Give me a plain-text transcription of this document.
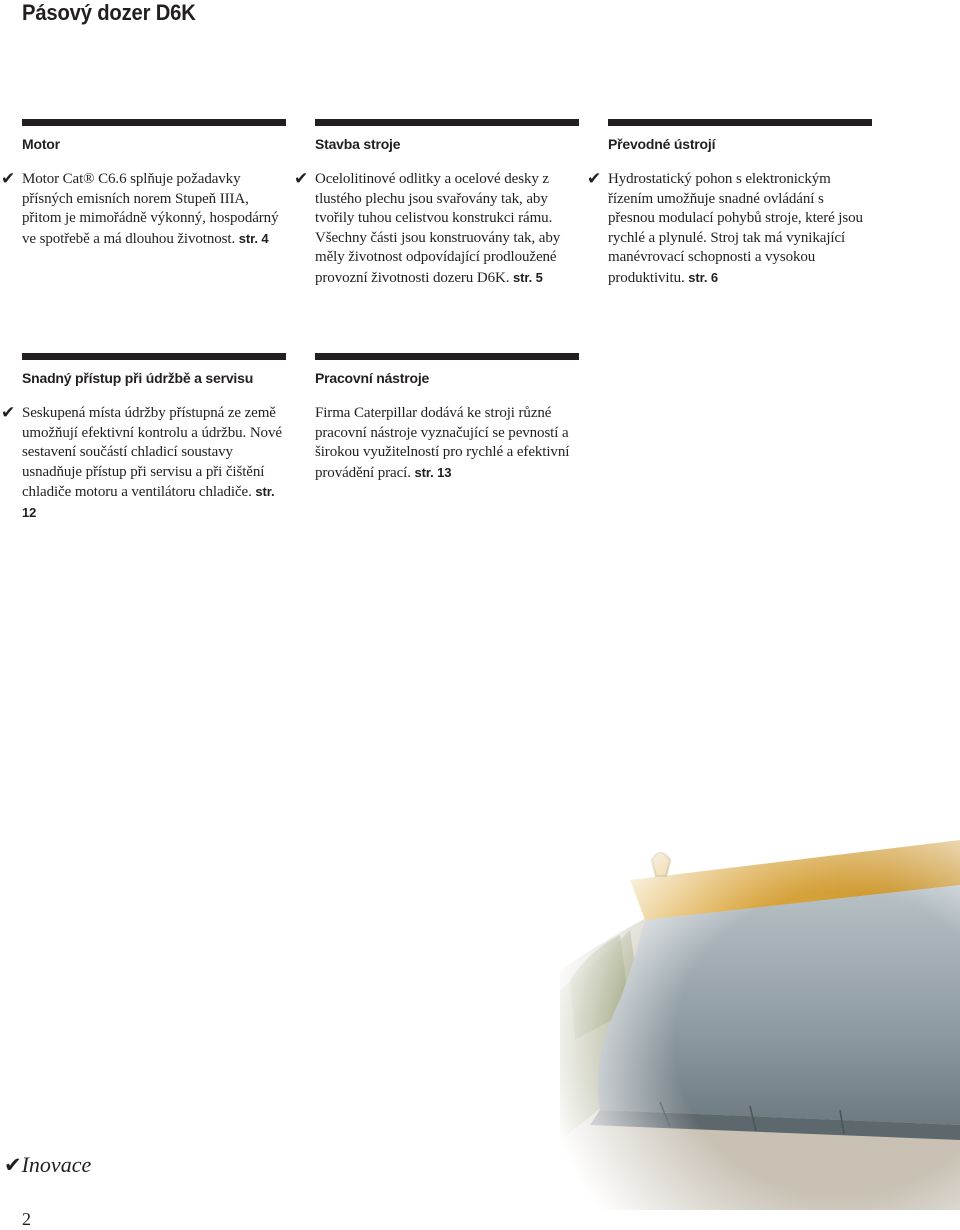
Pásový dozer D6K
Motor
✔ Motor Cat® C6.6 splňuje požadavky přísných emisních norem Stupeň IIIA, přitom je mimořádně výkonný, hospodárný ve spotřebě a má dlouhou životnost. str. 4
Stavba stroje
✔ Ocelolitinové odlitky a ocelové desky z tlustého plechu jsou svařovány tak, aby tvořily tuhou celistvou konstrukci rámu. Všechny části jsou konstruovány tak, aby měly životnost odpovídající prodloužené provozní životnosti dozeru D6K. str. 5
Převodné ústrojí
✔ Hydrostatický pohon s elektronickým řízením umožňuje snadné ovládání s přesnou modulací pohybů stroje, které jsou rychlé a plynulé. Stroj tak má vynikající manévrovací schopnosti a vysokou produktivitu. str. 6
Snadný přístup při údržbě a servisu
✔ Seskupená místa údržby přístupná ze země umožňují efektivní kontrolu a údržbu. Nové sestavení součástí chladicí soustavy usnadňuje přístup při servisu a při čištění chladiče motoru a ventilátoru chladiče. str. 12
Pracovní nástroje
Firma Caterpillar dodává ke stroji různé pracovní nástroje vyznačující se pevností a širokou využitelností pro rychlé a efektivní provádění prací. str. 13
✔Inovace
2
